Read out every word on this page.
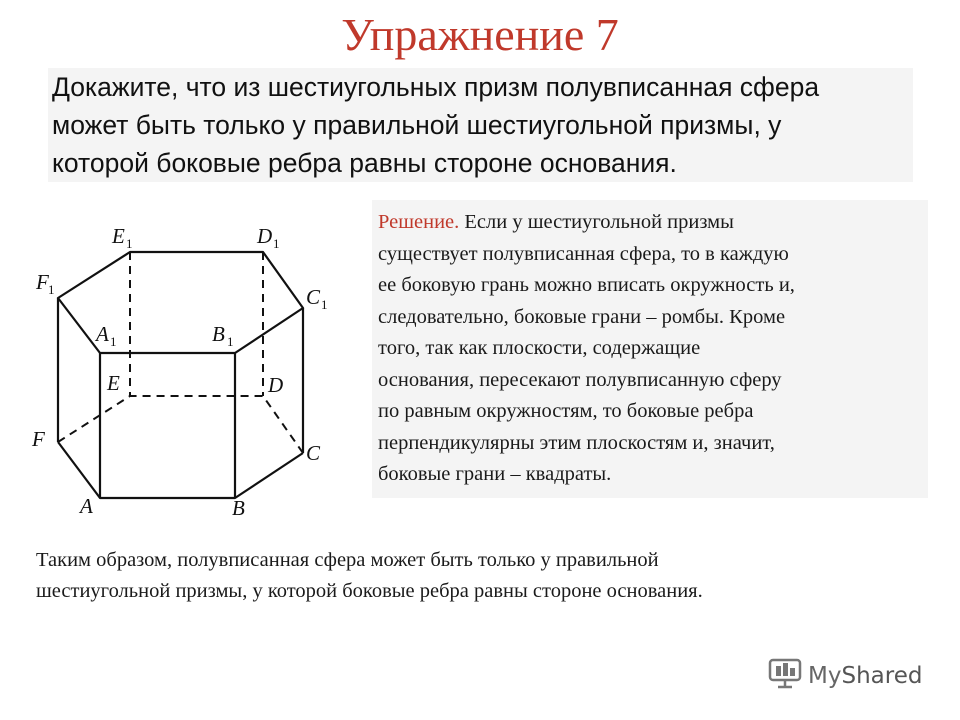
Упражнение 7
Докажите, что из шестиугольных призм полувписанная сфера
может быть только у правильной шестиугольной призмы, у
которой боковые ребра равны стороне основания.
E 1	D 1
F 1	C 1
A 1	B 1
E	D
F
C
A	B
Решение. Если у шестиугольной призмы
существует полувписанная сфера, то в каждую
ее боковую грань можно вписать окружность и,
следовательно, боковые грани – ромбы. Кроме
того, так как плоскости, содержащие
основания, пересекают полувписанную сферу
по равным окружностям, то боковые ребра
перпендикулярны этим плоскостям и, значит,
боковые грани – квадраты.
Таким образом, полувписанная сфера может быть только у правильной
шестиугольной призмы, у которой боковые ребра равны стороне основания.
MyShared
